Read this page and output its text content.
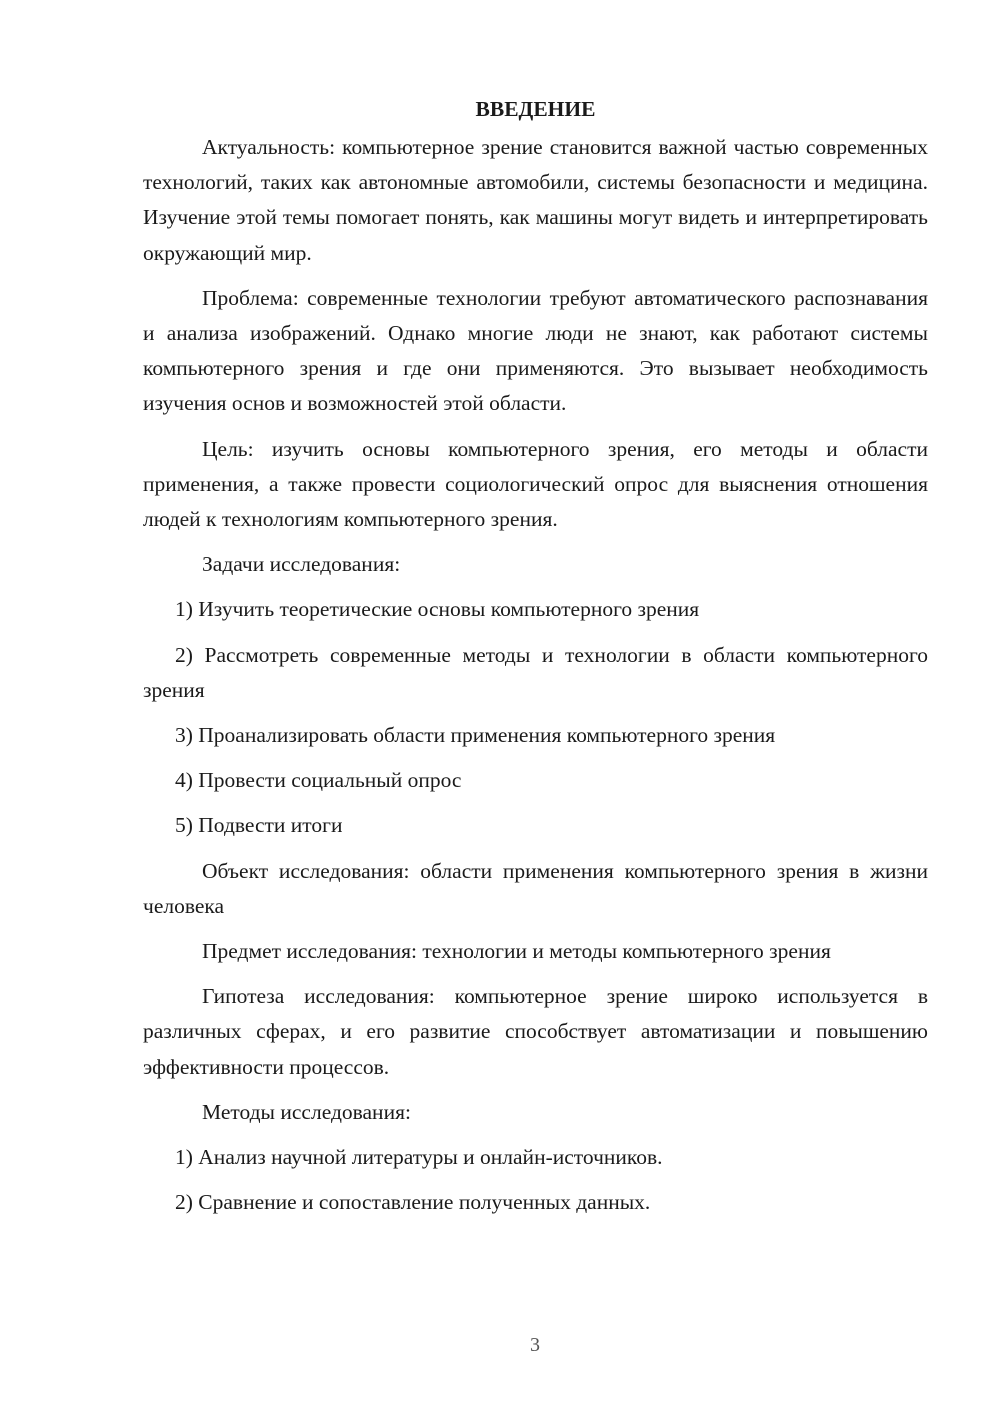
ВВЕДЕНИЕ

Актуальность: компьютерное зрение становится важной частью современных технологий, таких как автономные автомобили, системы безопасности и медицина. Изучение этой темы помогает понять, как машины могут видеть и интерпретировать окружающий мир.

Проблема: современные технологии требуют автоматического распознавания и анализа изображений. Однако многие люди не знают, как работают системы компьютерного зрения и где они применяются. Это вызывает необходимость изучения основ и возможностей этой области.

Цель: изучить основы компьютерного зрения, его методы и области применения, а также провести социологический опрос для выяснения отношения людей к технологиям компьютерного зрения.

Задачи исследования:

1) Изучить теоретические основы компьютерного зрения

2) Рассмотреть современные методы и технологии в области компьютерного зрения

3) Проанализировать области применения компьютерного зрения

4) Провести социальный опрос

5) Подвести итоги

Объект исследования: области применения компьютерного зрения в жизни человека

Предмет исследования: технологии и методы компьютерного зрения

Гипотеза исследования: компьютерное зрение широко используется в различных сферах, и его развитие способствует автоматизации и повышению эффективности процессов.

Методы исследования:

1) Анализ научной литературы и онлайн-источников.

2) Сравнение и сопоставление полученных данных.

3
